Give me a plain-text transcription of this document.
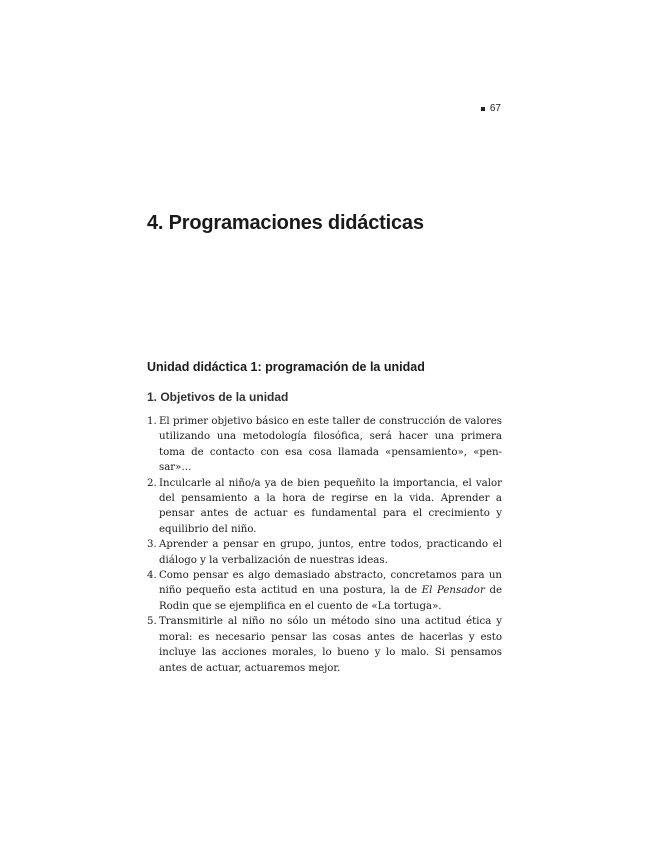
67
4. Programaciones didácticas
Unidad didáctica 1: programación de la unidad
1. Objetivos de la unidad
1. El primer objetivo básico en este taller de construcción de valores utilizando una metodología filosófica, será hacer una primera toma de contacto con esa cosa llamada «pensamiento», «pensar»…
2. Inculcarle al niño/a ya de bien pequeñito la importancia, el valor del pensamiento a la hora de regirse en la vida. Aprender a pensar antes de actuar es fundamental para el crecimiento y equilibrio del niño.
3. Aprender a pensar en grupo, juntos, entre todos, practicando el diálogo y la verbalización de nuestras ideas.
4. Como pensar es algo demasiado abstracto, concretamos para un niño pequeño esta actitud en una postura, la de El Pensador de Rodin que se ejemplifica en el cuento de «La tortuga».
5. Transmitirle al niño no sólo un método sino una actitud ética y moral: es necesario pensar las cosas antes de hacerlas y esto incluye las acciones morales, lo bueno y lo malo. Si pensamos antes de actuar, actuaremos mejor.
